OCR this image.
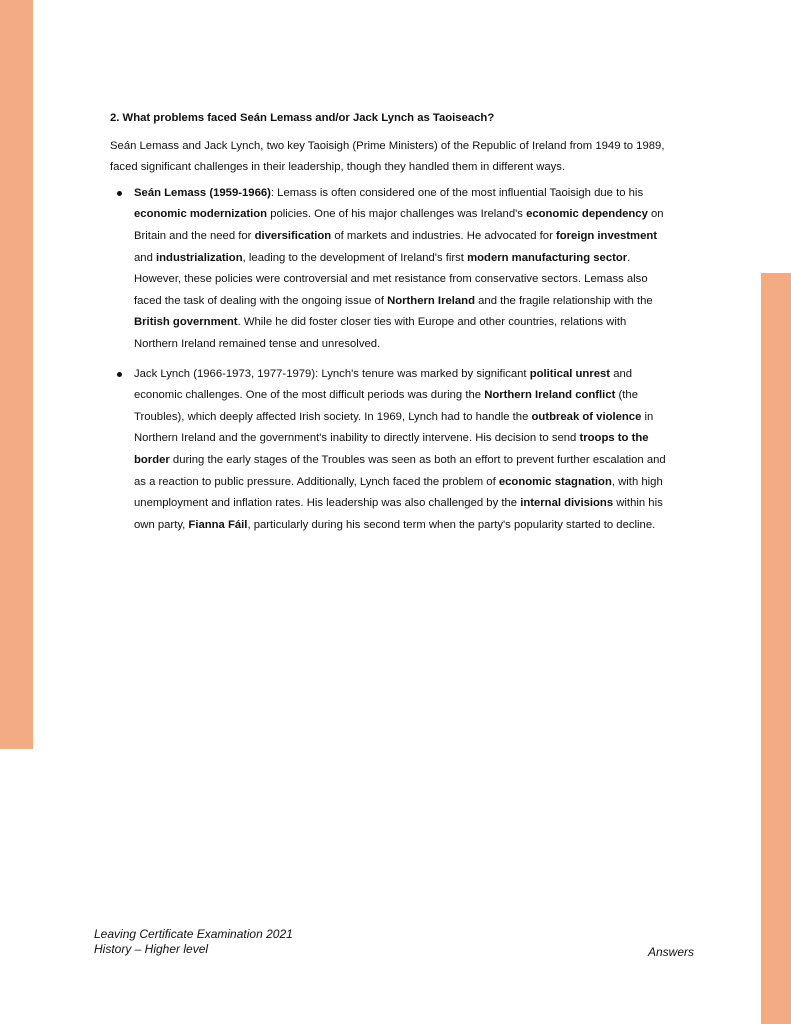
2. What problems faced Seán Lemass and/or Jack Lynch as Taoiseach?

Seán Lemass and Jack Lynch, two key Taoisigh (Prime Ministers) of the Republic of Ireland from 1949 to 1989, faced significant challenges in their leadership, though they handled them in different ways.

Seán Lemass (1959-1966): Lemass is often considered one of the most influential Taoisigh due to his economic modernization policies. One of his major challenges was Ireland's economic dependency on Britain and the need for diversification of markets and industries. He advocated for foreign investment and industrialization, leading to the development of Ireland's first modern manufacturing sector. However, these policies were controversial and met resistance from conservative sectors. Lemass also faced the task of dealing with the ongoing issue of Northern Ireland and the fragile relationship with the British government. While he did foster closer ties with Europe and other countries, relations with Northern Ireland remained tense and unresolved.
Jack Lynch (1966-1973, 1977-1979): Lynch's tenure was marked by significant political unrest and economic challenges. One of the most difficult periods was during the Northern Ireland conflict (the Troubles), which deeply affected Irish society. In 1969, Lynch had to handle the outbreak of violence in Northern Ireland and the government's inability to directly intervene. His decision to send troops to the border during the early stages of the Troubles was seen as both an effort to prevent further escalation and as a reaction to public pressure. Additionally, Lynch faced the problem of economic stagnation, with high unemployment and inflation rates. His leadership was also challenged by the internal divisions within his own party, Fianna Fáil, particularly during his second term when the party's popularity started to decline.
Leaving Certificate Examination 2021
History – Higher level	Answers
